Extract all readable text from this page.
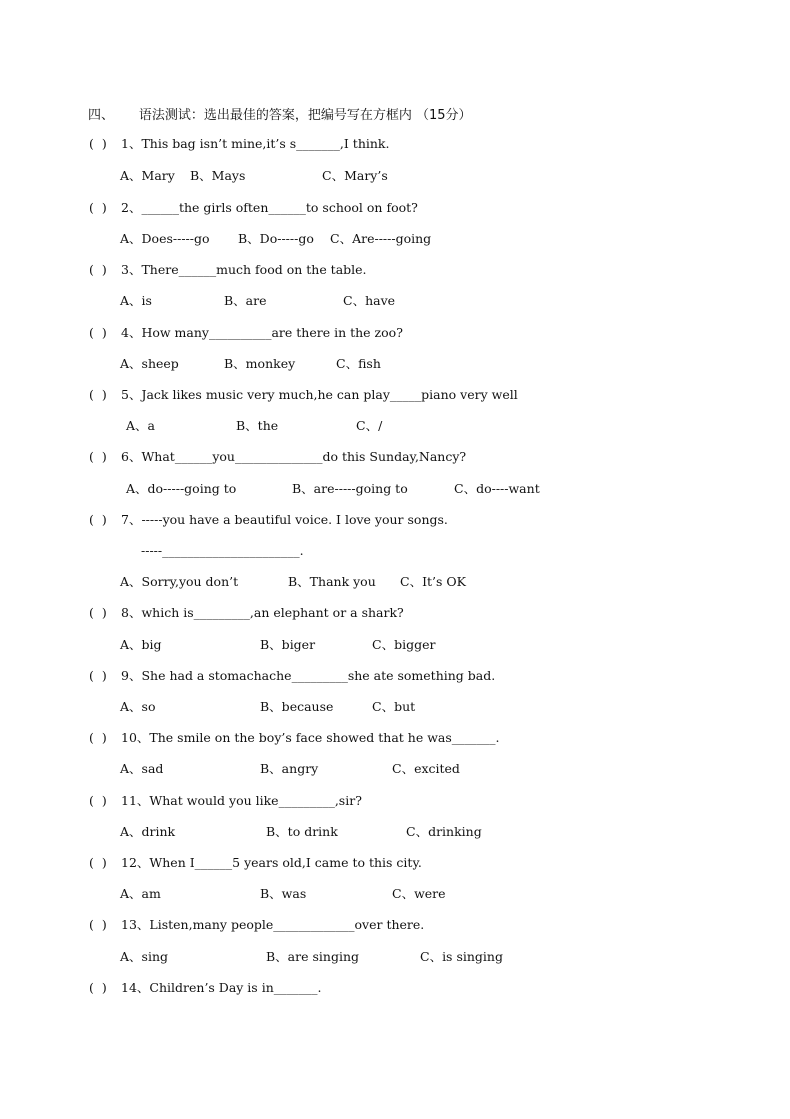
四、 语法测试：选出最佳的答案，把编号写在方框内 （15分）
(  ) 1、This bag isn’t mine,it’s s_______,I think.
A、Mary B、Mays	C、Mary’s
(  ) 2、______the girls often______to school on foot?
A、Does-----go B、Do-----go C、Are-----going
(  ) 3、There______much food on the table.
A、is	B、are	C、have
(  ) 4、How many__________are there in the zoo?
A、sheep	B、monkey	C、fish
(  ) 5、Jack likes music very much,he can play_____piano very well
A、a	B、the	C、/
(  ) 6、What______you______________do this Sunday,Nancy?
A、do-----going to	B、are-----going to	C、do----want
(  ) 7、-----you have a beautiful voice. I love your songs.
-----______________________.
A、Sorry,you don’t	B、Thank you C、It’s OK
(  ) 8、which is_________,an elephant or a shark?
A、big	B、biger	C、bigger
(  ) 9、She had a stomachache_________she ate something bad.
A、so	B、because	C、but
(  ) 10、The smile on the boy’s face showed that he was_______.
A、sad	B、angry	C、excited
(  ) 11、What would you like_________,sir?
A、drink	B、to drink	C、drinking
(  ) 12、When I______5 years old,I came to this city.
A、am	B、was	C、were
(  ) 13、Listen,many people_____________over there.
A、sing	B、are singing	C、is singing
(  ) 14、Children’s Day is in_______.
